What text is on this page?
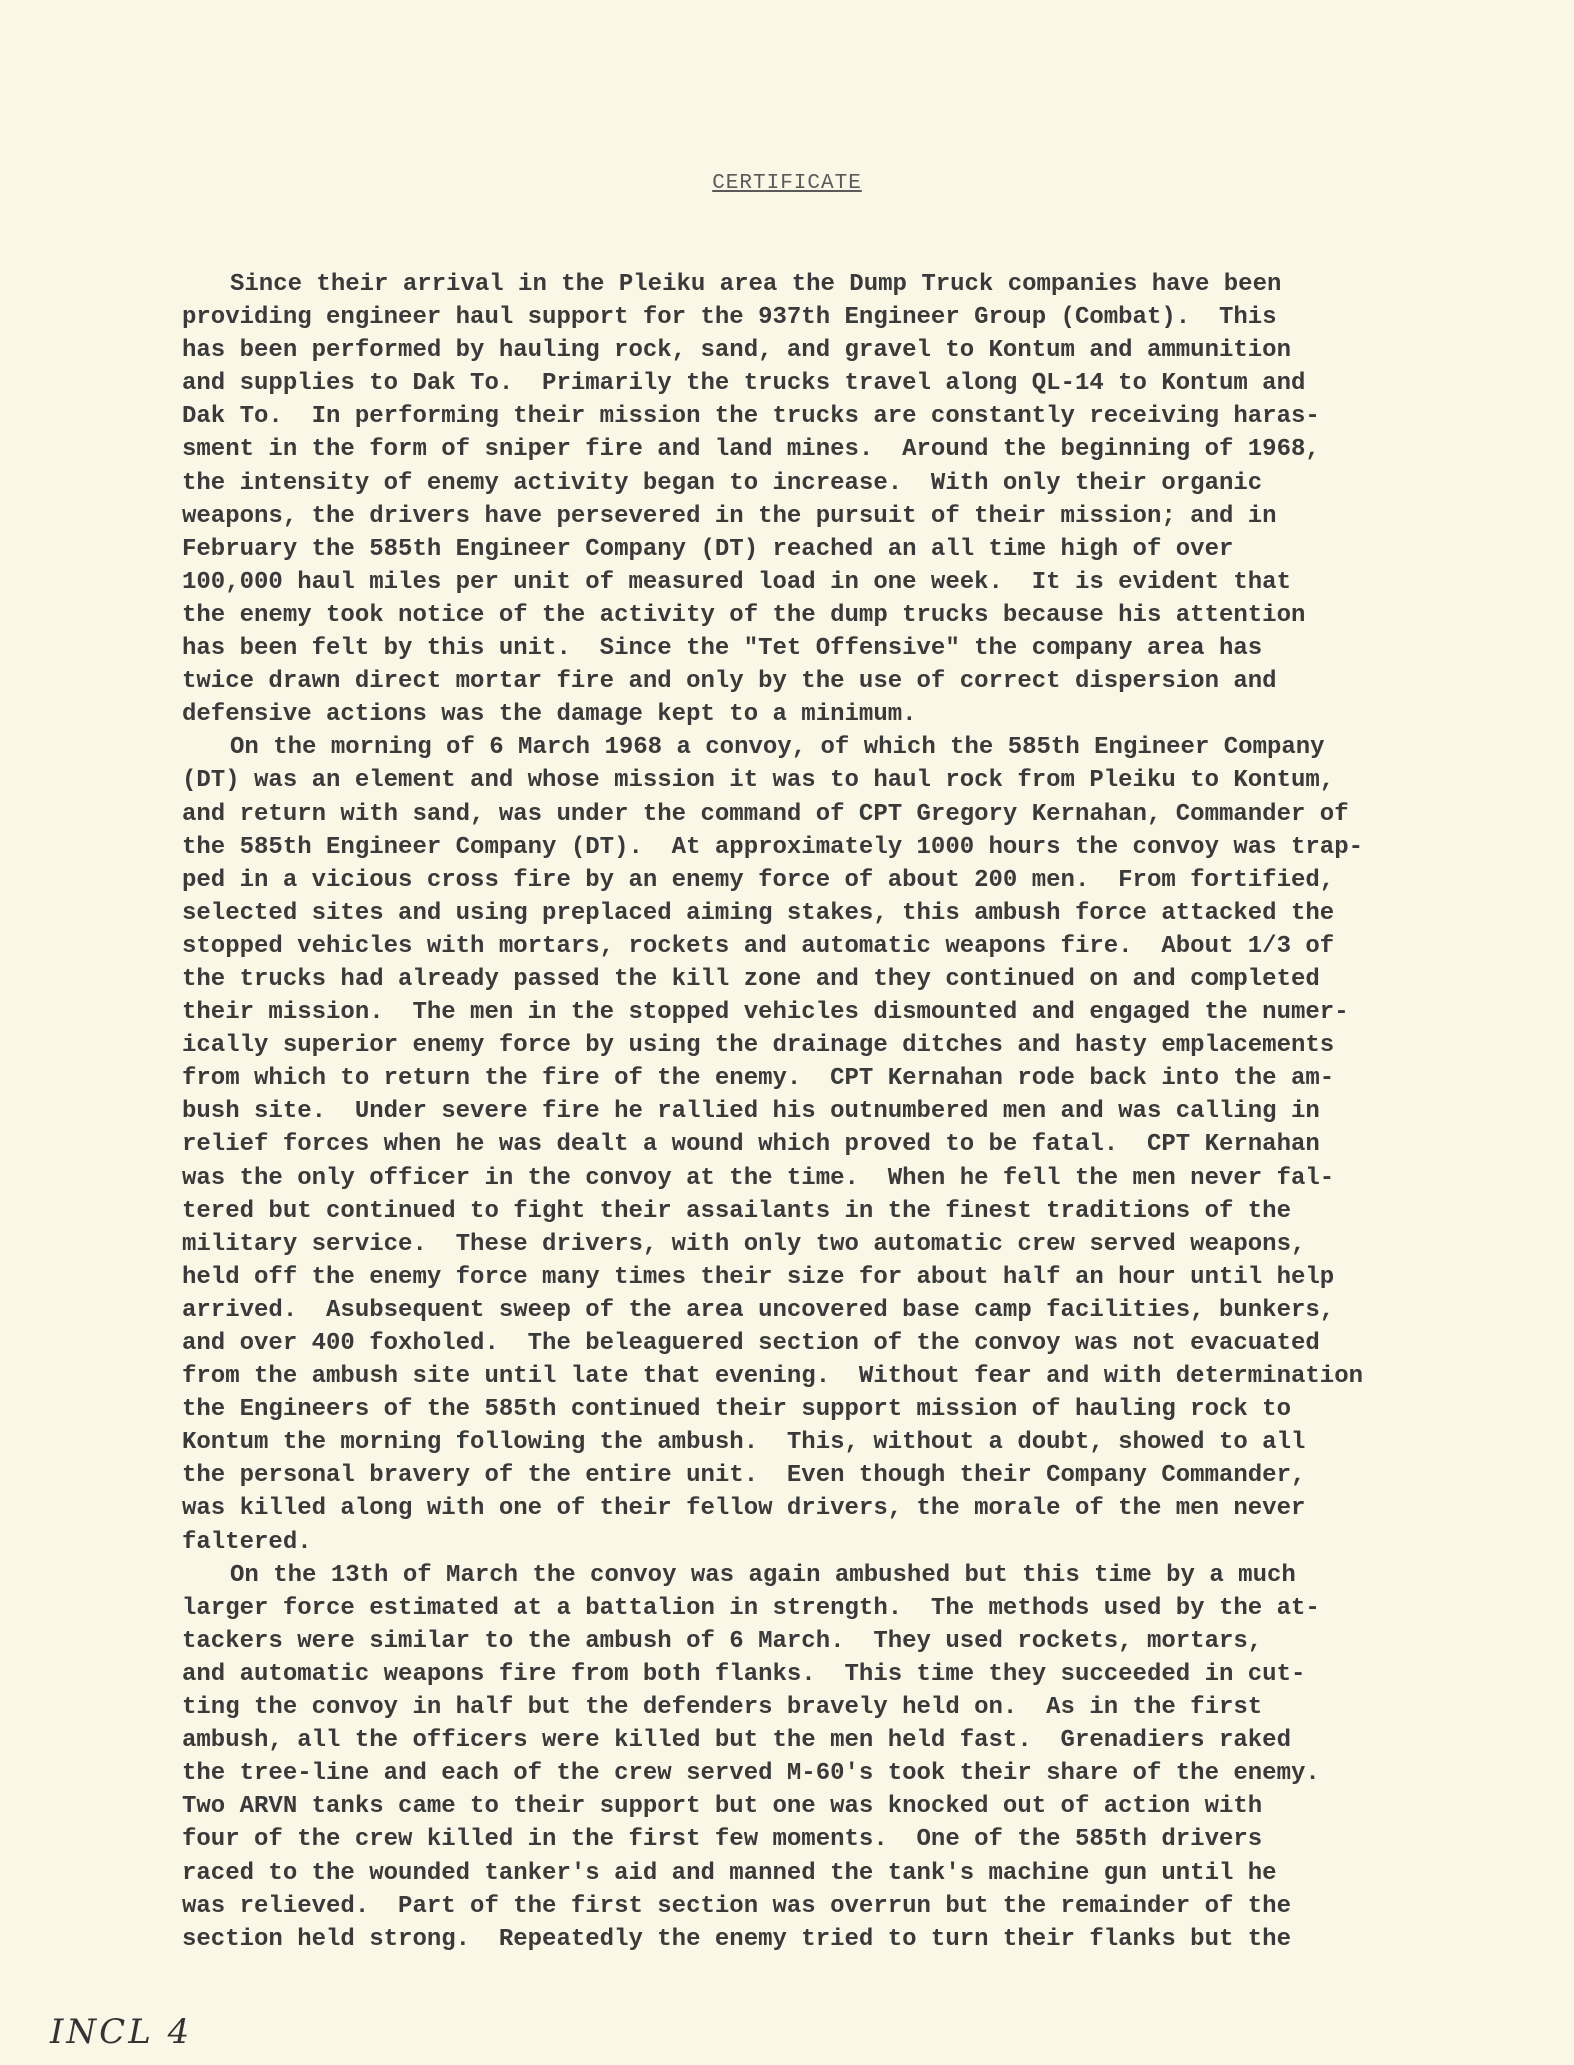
CERTIFICATE
Since their arrival in the Pleiku area the Dump Truck companies have been
providing engineer haul support for the 937th Engineer Group (Combat).  This
has been performed by hauling rock, sand, and gravel to Kontum and ammunition
and supplies to Dak To.  Primarily the trucks travel along QL-14 to Kontum and
Dak To.  In performing their mission the trucks are constantly receiving haras-
sment in the form of sniper fire and land mines.  Around the beginning of 1968,
the intensity of enemy activity began to increase.  With only their organic
weapons, the drivers have persevered in the pursuit of their mission; and in
February the 585th Engineer Company (DT) reached an all time high of over
100,000 haul miles per unit of measured load in one week.  It is evident that
the enemy took notice of the activity of the dump trucks because his attention
has been felt by this unit.  Since the "Tet Offensive" the company area has
twice drawn direct mortar fire and only by the use of correct dispersion and
defensive actions was the damage kept to a minimum.
On the morning of 6 March 1968 a convoy, of which the 585th Engineer Company
(DT) was an element and whose mission it was to haul rock from Pleiku to Kontum,
and return with sand, was under the command of CPT Gregory Kernahan, Commander of
the 585th Engineer Company (DT).  At approximately 1000 hours the convoy was trap-
ped in a vicious cross fire by an enemy force of about 200 men.  From fortified,
selected sites and using preplaced aiming stakes, this ambush force attacked the
stopped vehicles with mortars, rockets and automatic weapons fire.  About 1/3 of
the trucks had already passed the kill zone and they continued on and completed
their mission.  The men in the stopped vehicles dismounted and engaged the numer-
ically superior enemy force by using the drainage ditches and hasty emplacements
from which to return the fire of the enemy.  CPT Kernahan rode back into the am-
bush site.  Under severe fire he rallied his outnumbered men and was calling in
relief forces when he was dealt a wound which proved to be fatal.  CPT Kernahan
was the only officer in the convoy at the time.  When he fell the men never fal-
tered but continued to fight their assailants in the finest traditions of the
military service.  These drivers, with only two automatic crew served weapons,
held off the enemy force many times their size for about half an hour until help
arrived.  Asubsequent sweep of the area uncovered base camp facilities, bunkers,
and over 400 foxholed.  The beleaguered section of the convoy was not evacuated
from the ambush site until late that evening.  Without fear and with determination
the Engineers of the 585th continued their support mission of hauling rock to
Kontum the morning following the ambush.  This, without a doubt, showed to all
the personal bravery of the entire unit.  Even though their Company Commander,
was killed along with one of their fellow drivers, the morale of the men never
faltered.
On the 13th of March the convoy was again ambushed but this time by a much
larger force estimated at a battalion in strength.  The methods used by the at-
tackers were similar to the ambush of 6 March.  They used rockets, mortars,
and automatic weapons fire from both flanks.  This time they succeeded in cut-
ting the convoy in half but the defenders bravely held on.  As in the first
ambush, all the officers were killed but the men held fast.  Grenadiers raked
the tree-line and each of the crew served M-60's took their share of the enemy.
Two ARVN tanks came to their support but one was knocked out of action with
four of the crew killed in the first few moments.  One of the 585th drivers
raced to the wounded tanker's aid and manned the tank's machine gun until he
was relieved.  Part of the first section was overrun but the remainder of the
section held strong.  Repeatedly the enemy tried to turn their flanks but the
INCL 4
